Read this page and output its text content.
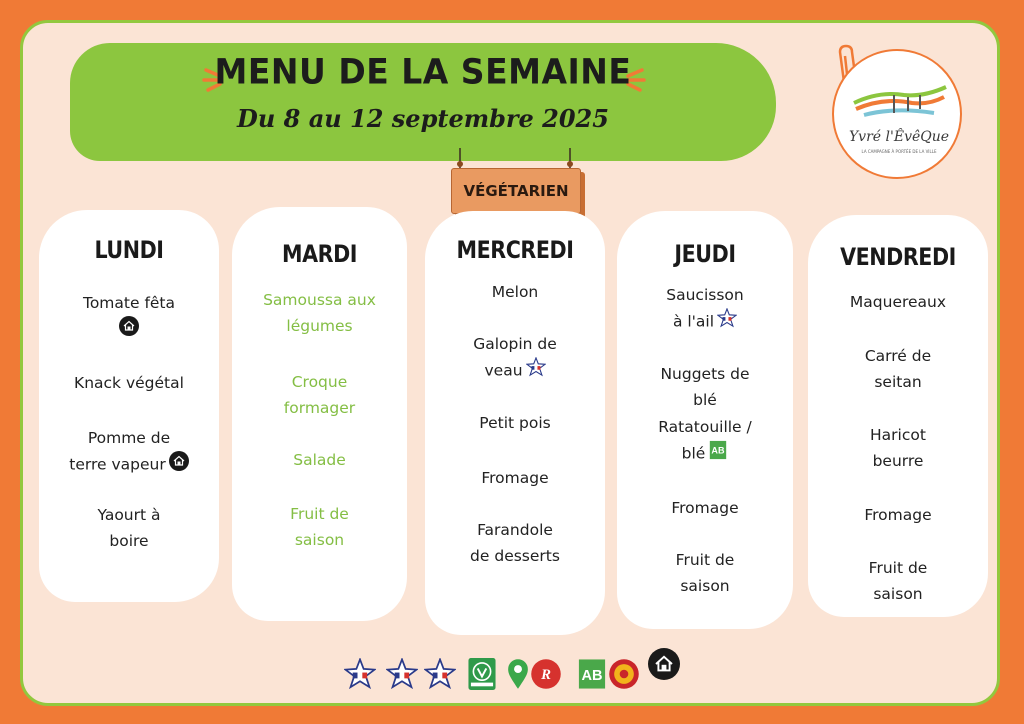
MENU DE LA SEMAINE
Du 8 au 12 septembre 2025
VÉGÉTARIEN
Yvré l'ÊvêQue
LA CAMPAGNE À PORTÉE DE LA VILLE
LUNDI
Tomate fêta

Knack végétal
Pomme de
terre vapeur
Yaourt à
boire
MARDI
Samoussa aux
légumes
Croque
formager
Salade
Fruit de
saison
MERCREDI
Melon
Galopin de
veau
Petit pois
Fromage
Farandole
de desserts
JEUDI
Saucisson
à l'ail
Nuggets de
blé
Ratatouille /
blé AB
Fromage
Fruit de
saison
VENDREDI
Maquereaux
Carré de
seitan
Haricot
beurre
Fromage
Fruit de
saison
R	AB
